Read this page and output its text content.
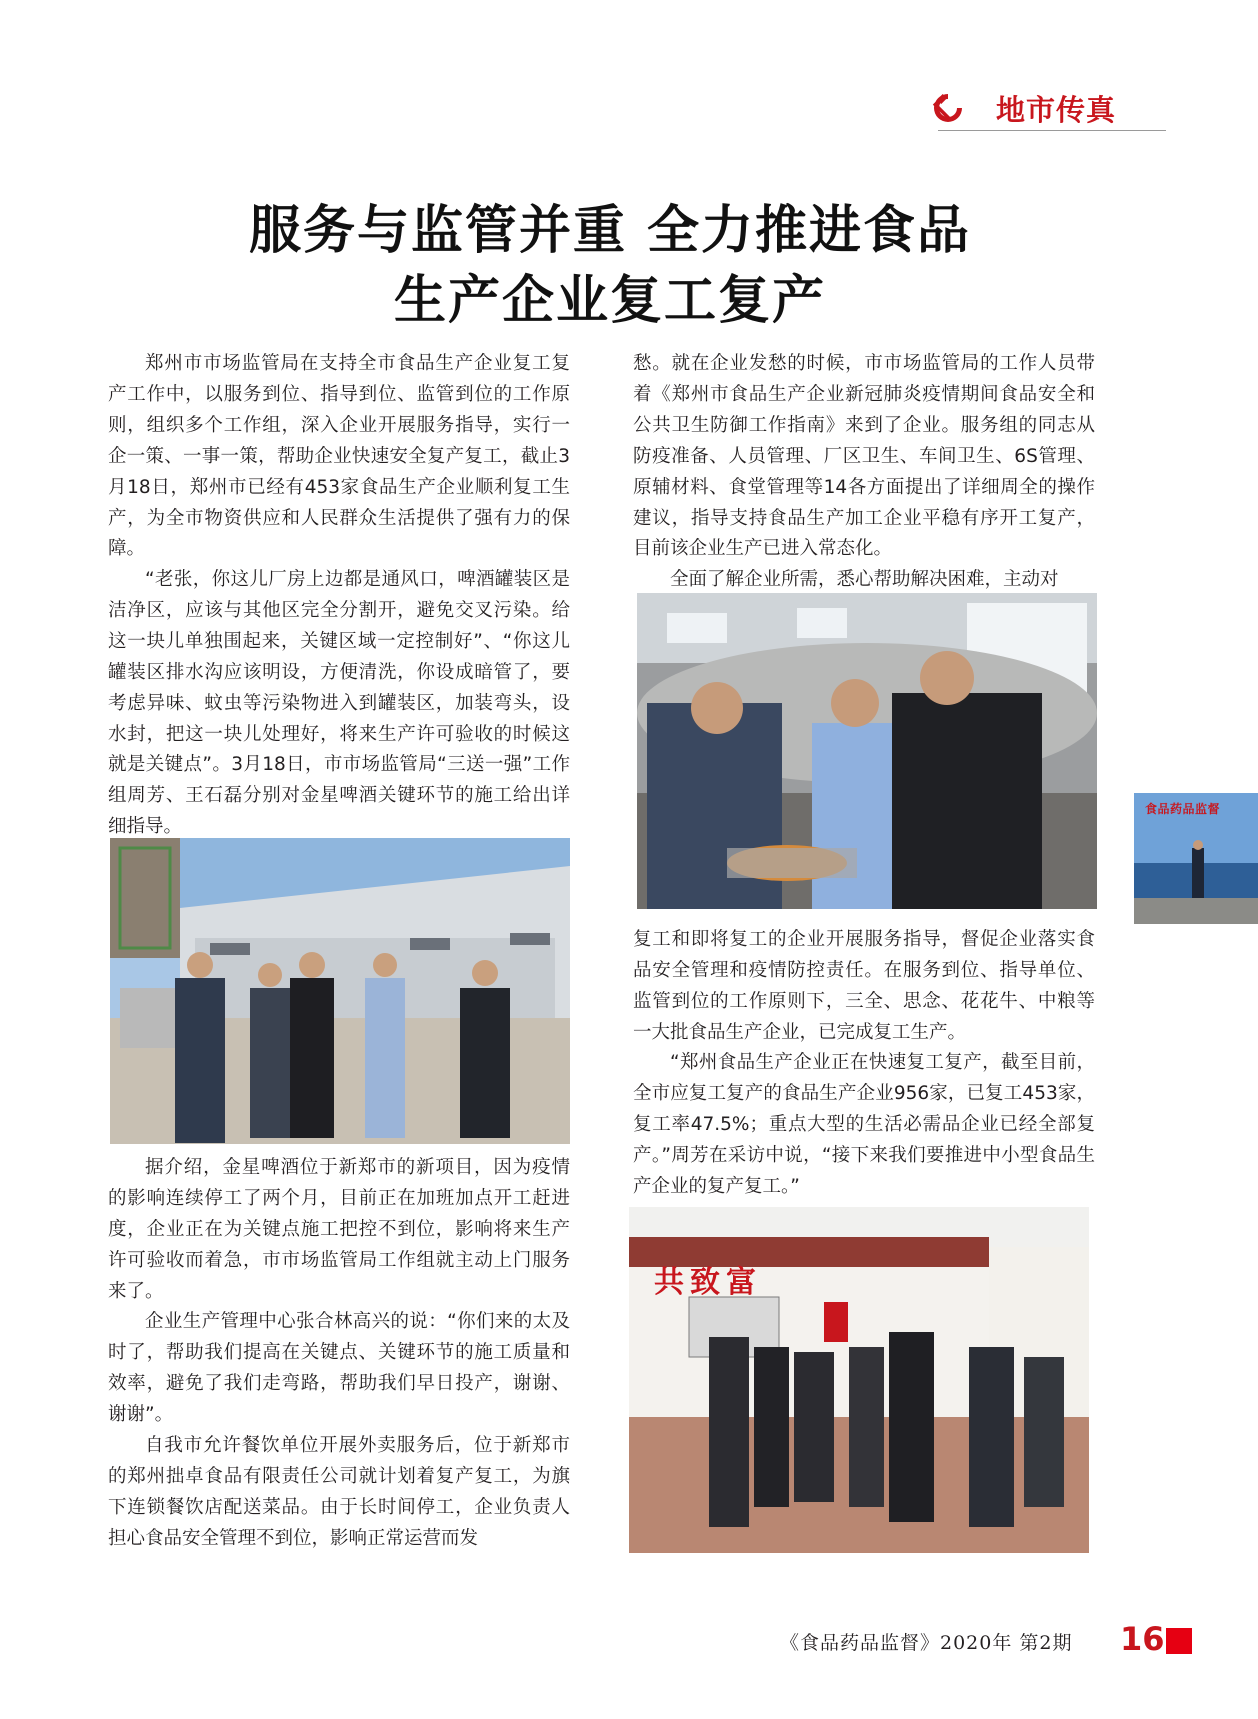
地市传真
服务与监管并重 全力推进食品
生产企业复工复产

郑州市市场监管局在支持全市食品生产企业复工复产工作中，以服务到位、指导到位、监管到位的工作原则，组织多个工作组，深入企业开展服务指导，实行一企一策、一事一策，帮助企业快速安全复产复工，截止3月18日，郑州市已经有453家食品生产企业顺利复工生产，为全市物资供应和人民群众生活提供了强有力的保障。

“老张，你这儿厂房上边都是通风口，啤酒罐装区是洁净区，应该与其他区完全分割开，避免交叉污染。给这一块儿单独围起来，关键区域一定控制好”、“你这儿罐装区排水沟应该明设，方便清洗，你设成暗管了，要考虑异味、蚊虫等污染物进入到罐装区，加装弯头，设水封，把这一块儿处理好，将来生产许可验收的时候这就是关键点”。3月18日，市市场监管局“三送一强”工作组周芳、王石磊分别对金星啤酒关键环节的施工给出详细指导。

据介绍，金星啤酒位于新郑市的新项目，因为疫情的影响连续停工了两个月，目前正在加班加点开工赶进度，企业正在为关键点施工把控不到位，影响将来生产许可验收而着急，市市场监管局工作组就主动上门服务来了。

企业生产管理中心张合林高兴的说：“你们来的太及时了，帮助我们提高在关键点、关键环节的施工质量和效率，避免了我们走弯路，帮助我们早日投产，谢谢、谢谢”。

自我市允许餐饮单位开展外卖服务后，位于新郑市的郑州拙卓食品有限责任公司就计划着复产复工，为旗下连锁餐饮店配送菜品。由于长时间停工，企业负责人担心食品安全管理不到位，影响正常运营而发

愁。就在企业发愁的时候，市市场监管局的工作人员带着《郑州市食品生产企业新冠肺炎疫情期间食品安全和公共卫生防御工作指南》来到了企业。服务组的同志从防疫准备、人员管理、厂区卫生、车间卫生、6S管理、原辅材料、食堂管理等14各方面提出了详细周全的操作建议，指导支持食品生产加工企业平稳有序开工复产，目前该企业生产已进入常态化。

全面了解企业所需，悉心帮助解决困难，主动对

复工和即将复工的企业开展服务指导，督促企业落实食品安全管理和疫情防控责任。在服务到位、指导单位、监管到位的工作原则下，三全、思念、花花牛、中粮等一大批食品生产企业，已完成复工生产。

“郑州食品生产企业正在快速复工复产，截至目前，全市应复工复产的食品生产企业956家，已复工453家，复工率47.5%；重点大型的生活必需品企业已经全部复产。”周芳在采访中说，“接下来我们要推进中小型食品生产企业的复产复工。”

共致富
食品药品监督
《食品药品监督》2020年 第2期 16
